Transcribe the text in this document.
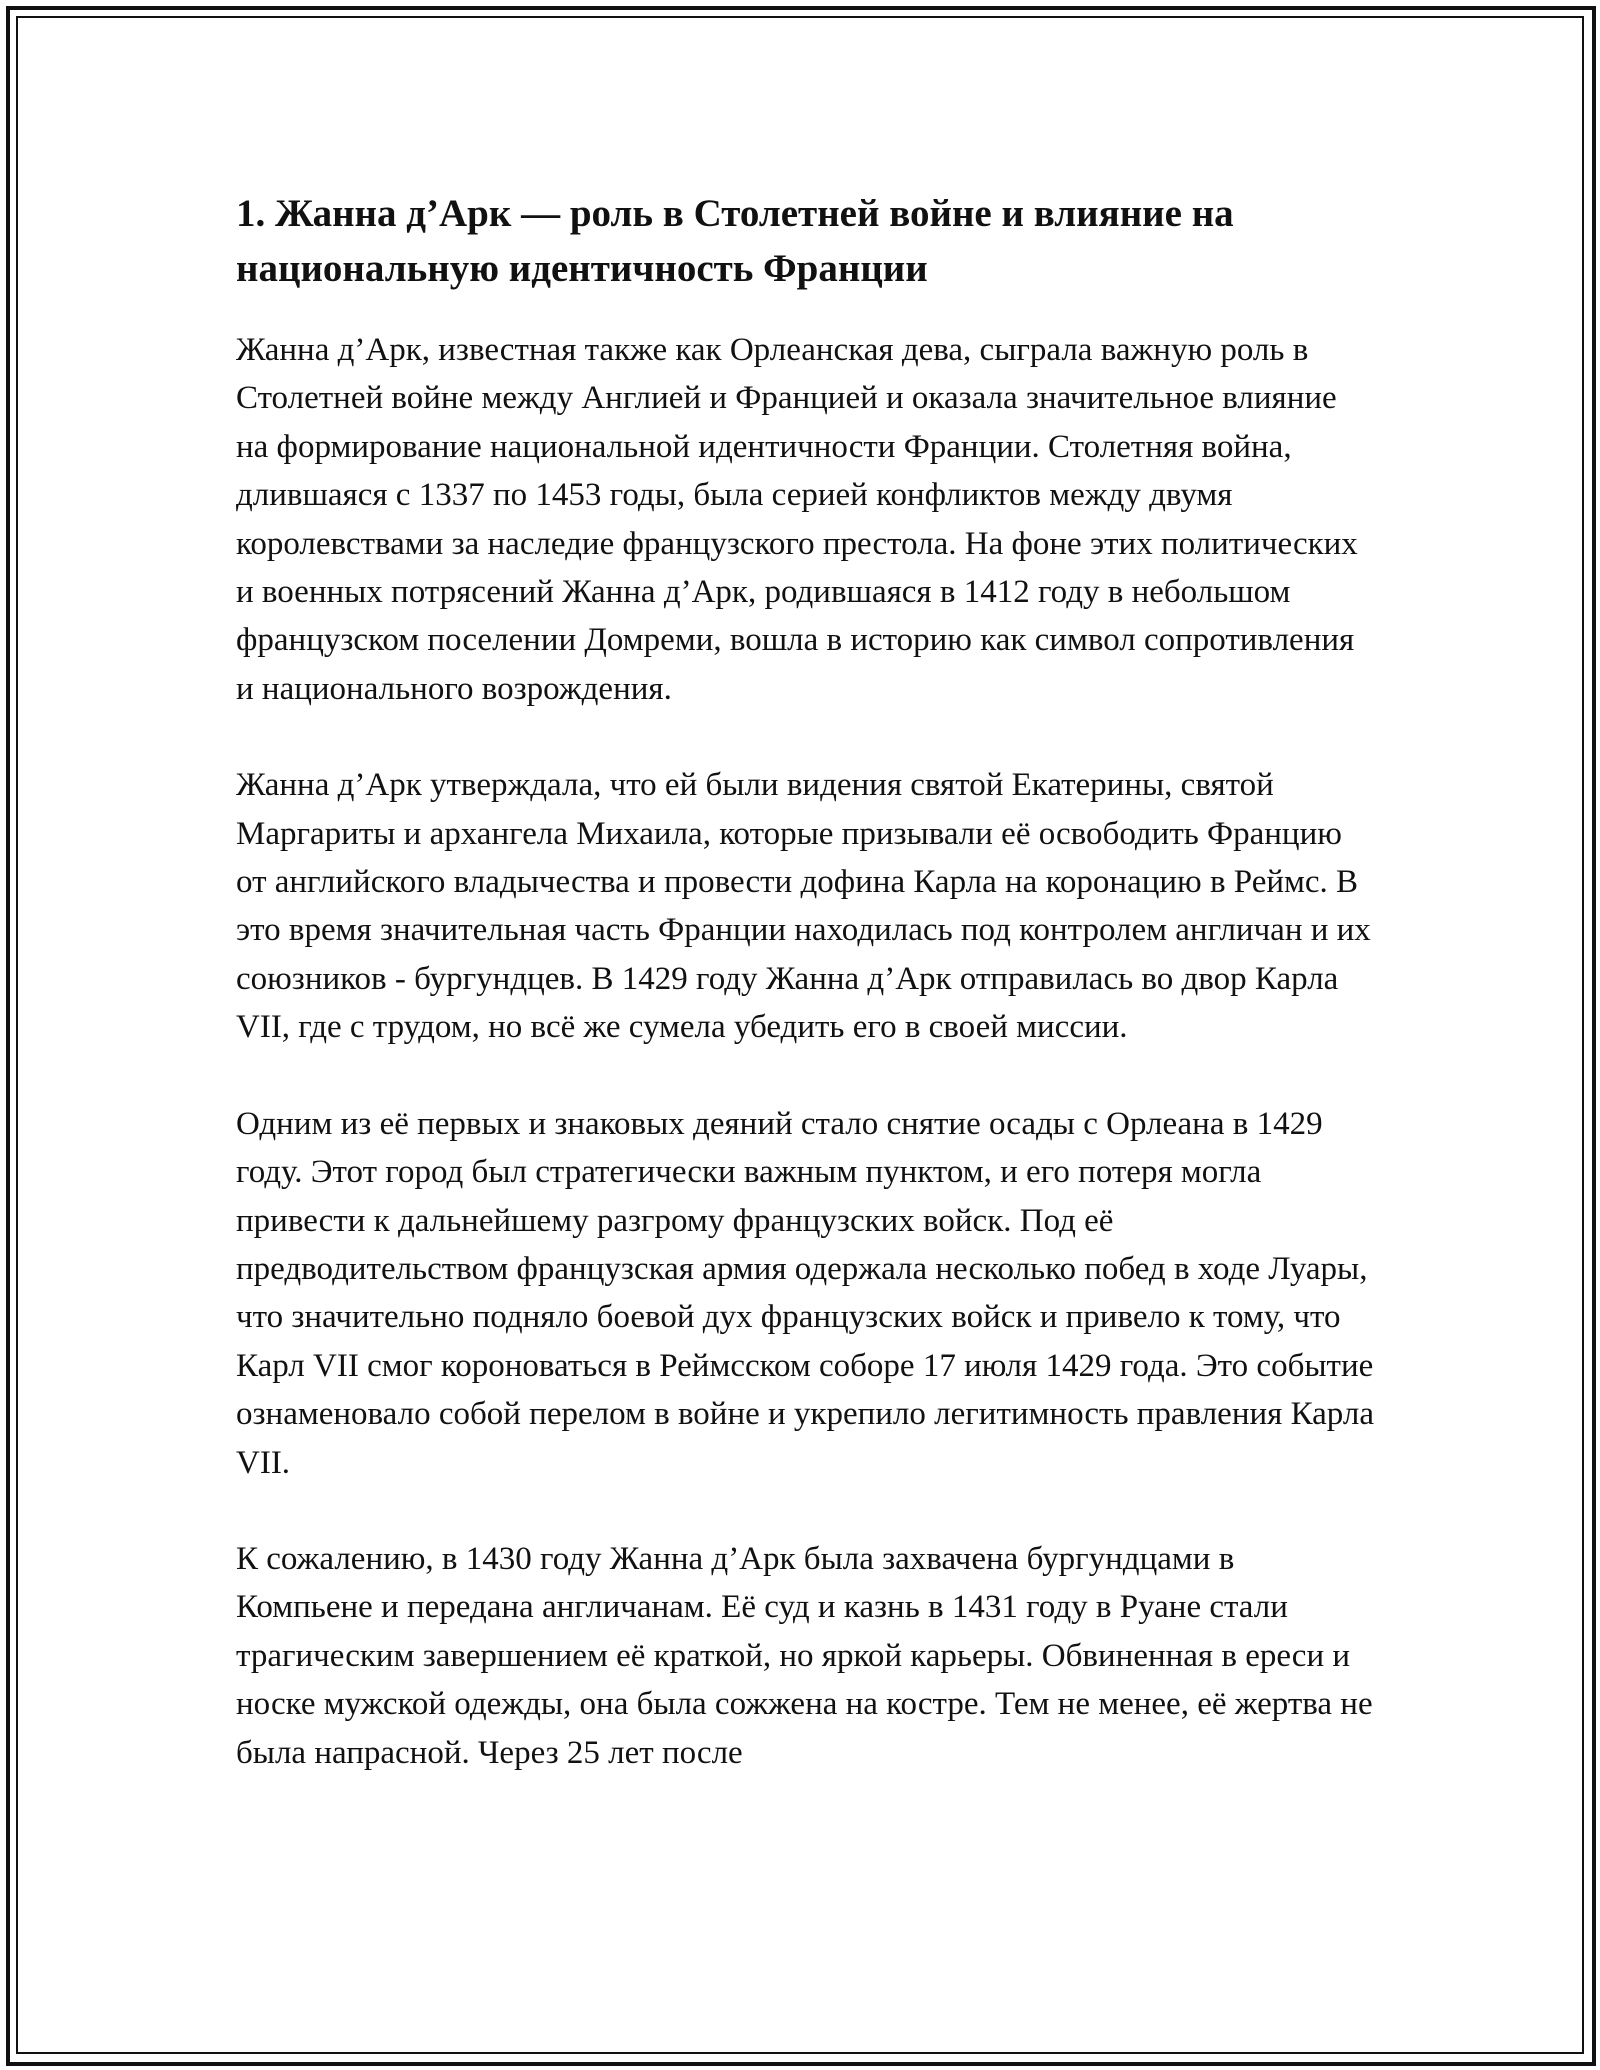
1. Жанна д’Арк — роль в Столетней войне и влияние на национальную идентичность Франции

Жанна д’Арк, известная также как Орлеанская дева, сыграла важную роль в Столетней войне между Англией и Францией и оказала значительное влияние на формирование национальной идентичности Франции. Столетняя война, длившаяся с 1337 по 1453 годы, была серией конфликтов между двумя королевствами за наследие французского престола. На фоне этих политических и военных потрясений Жанна д’Арк, родившаяся в 1412 году в небольшом французском поселении Домреми, вошла в историю как символ сопротивления и национального возрождения.

Жанна д’Арк утверждала, что ей были видения святой Екатерины, святой Маргариты и архангела Михаила, которые призывали её освободить Францию от английского владычества и провести дофина Карла на коронацию в Реймс. В это время значительная часть Франции находилась под контролем англичан и их союзников - бургундцев. В 1429 году Жанна д’Арк отправилась во двор Карла VII, где с трудом, но всё же сумела убедить его в своей миссии.

Одним из её первых и знаковых деяний стало снятие осады с Орлеана в 1429 году. Этот город был стратегически важным пунктом, и его потеря могла привести к дальнейшему разгрому французских войск. Под её предводительством французская армия одержала несколько побед в ходе Луары, что значительно подняло боевой дух французских войск и привело к тому, что Карл VII смог короноваться в Реймсском соборе 17 июля 1429 года. Это событие ознаменовало собой перелом в войне и укрепило легитимность правления Карла VII.

К сожалению, в 1430 году Жанна д’Арк была захвачена бургундцами в Компьене и передана англичанам. Её суд и казнь в 1431 году в Руане стали трагическим завершением её краткой, но яркой карьеры. Обвиненная в ереси и носке мужской одежды, она была сожжена на костре. Тем не менее, её жертва не была напрасной. Через 25 лет после
